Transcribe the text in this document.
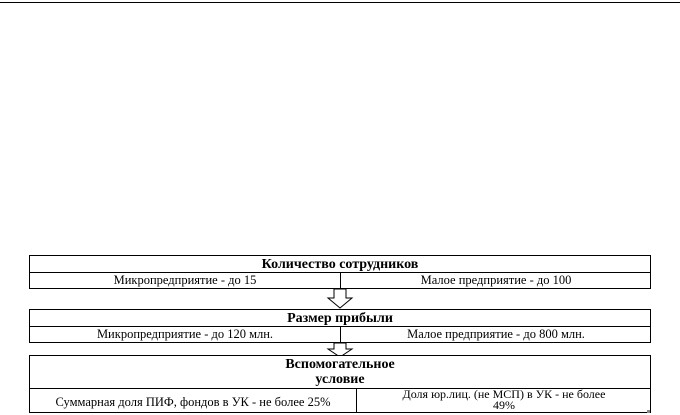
Количество сотрудников
Микропредприятие - до 15	Малое предприятие - до 100
Размер прибыли
Микропредприятие - до 120 млн.	Малое предприятие - до 800 млн.
Вспомогательное
условие
Суммарная доля ПИФ, фондов в УК - не более 25%
Доля юр.лиц. (не МСП) в УК - не более
49%
